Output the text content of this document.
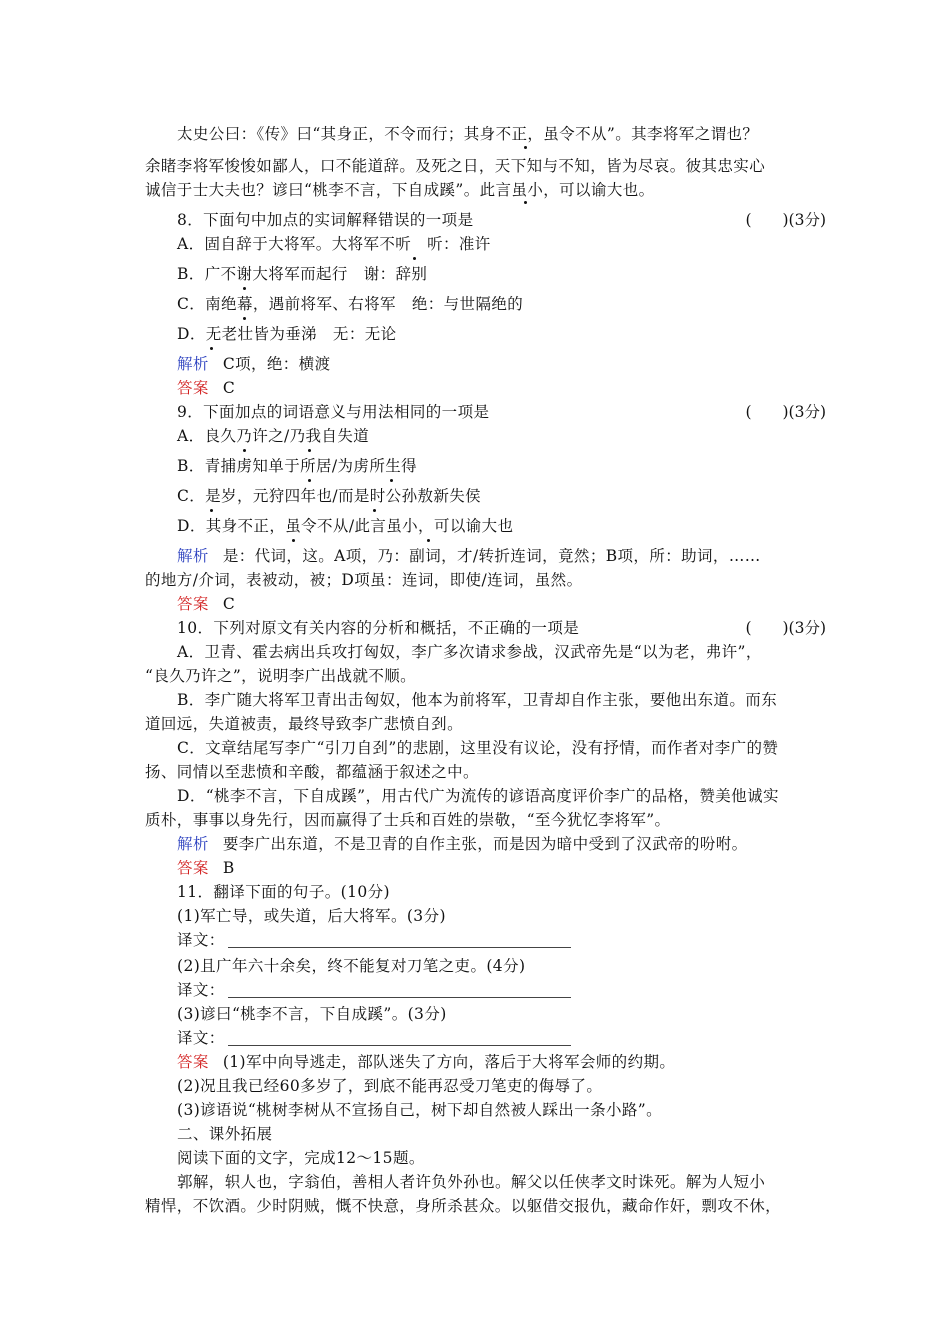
太史公曰：《传》曰“其身正，不令而行；其身不正，虽令不从”。其李将军之谓也？
余睹李将军悛悛如鄙人，口不能道辞。及死之日，天下知与不知，皆为尽哀。彼其忠实心
诚信于士大夫也？谚曰“桃李不言，下自成蹊”。此言虽小，可以谕大也。
8．下面句中加点的实词解释错误的一项是	(　　)(3分)
A．固自辞于大将军。大将军不听　听：准许
B．广不谢大将军而起行　谢：辞别
C．南绝幕，遇前将军、右将军　绝：与世隔绝的
D．无老壮皆为垂涕　无：无论
解析 C项，绝：横渡
答案 C
9．下面加点的词语意义与用法相同的一项是	(　　)(3分)
A．良久乃许之/乃我自失道
B．青捕虏知单于所居/为虏所生得
C．是岁，元狩四年也/而是时公孙敖新失侯
D．其身不正，虽令不从/此言虽小，可以谕大也
解析 是：代词，这。A项，乃：副词，才/转折连词，竟然；B项，所：助词，……
的地方/介词，表被动，被；D项虽：连词，即使/连词，虽然。
答案 C
10．下列对原文有关内容的分析和概括，不正确的一项是	(　　)(3分)
A．卫青、霍去病出兵攻打匈奴，李广多次请求参战，汉武帝先是“以为老，弗许”，
“良久乃许之”，说明李广出战就不顺。
B．李广随大将军卫青出击匈奴，他本为前将军，卫青却自作主张，要他出东道。而东
道回远，失道被责，最终导致李广悲愤自刭。
C．文章结尾写李广“引刀自刭”的悲剧，这里没有议论，没有抒情，而作者对李广的赞
扬、同情以至悲愤和辛酸，都蕴涵于叙述之中。
D．“桃李不言，下自成蹊”，用古代广为流传的谚语高度评价李广的品格，赞美他诚实
质朴，事事以身先行，因而赢得了士兵和百姓的崇敬，“至今犹忆李将军”。
解析 要李广出东道，不是卫青的自作主张，而是因为暗中受到了汉武帝的吩咐。
答案 B
11．翻译下面的句子。(10分)
(1)军亡导，或失道，后大将军。(3分)
译文：
(2)且广年六十余矣，终不能复对刀笔之吏。(4分)
译文：
(3)谚曰“桃李不言，下自成蹊”。(3分)
译文：
答案 (1)军中向导逃走，部队迷失了方向，落后于大将军会师的约期。
(2)况且我已经60多岁了，到底不能再忍受刀笔吏的侮辱了。
(3)谚语说“桃树李树从不宣扬自己，树下却自然被人踩出一条小路”。
二、课外拓展
阅读下面的文字，完成12～15题。
郭解，轵人也，字翁伯，善相人者许负外孙也。解父以任侠孝文时诛死。解为人短小
精悍，不饮酒。少时阴贼，慨不快意，身所杀甚众。以躯借交报仇，藏命作奸，剽攻不休，
